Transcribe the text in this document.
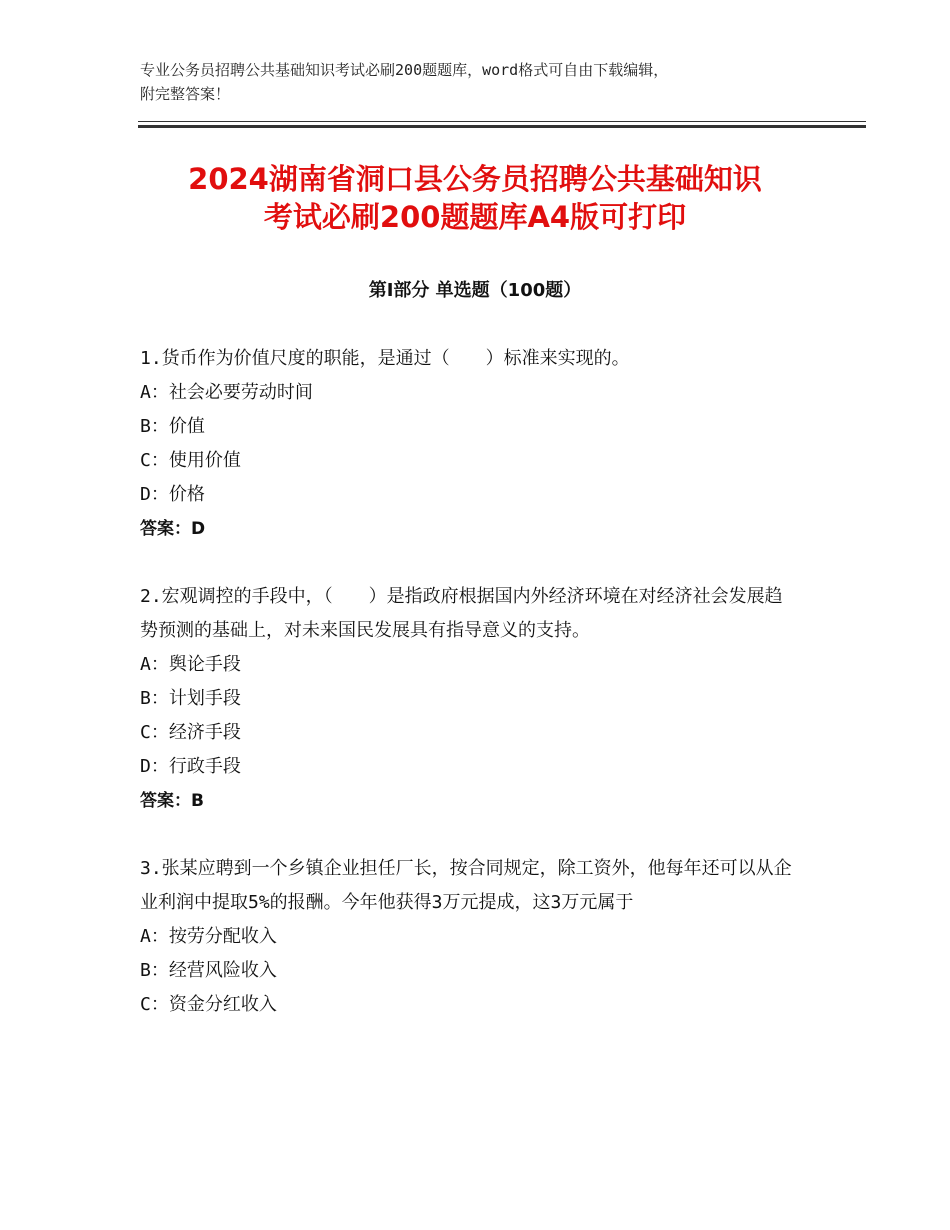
专业公务员招聘公共基础知识考试必刷200题题库，word格式可自由下载编辑，
附完整答案！
2024湖南省洞口县公务员招聘公共基础知识
考试必刷200题题库A4版可打印
第Ⅰ部分 单选题（100题）

1.货币作为价值尺度的职能，是通过（　　）标准来实现的。

A：社会必要劳动时间

B：价值

C：使用价值

D：价格

答案：D

2.宏观调控的手段中，（　　）是指政府根据国内外经济环境在对经济社会发展趋势预测的基础上，对未来国民发展具有指导意义的支持。

A：舆论手段

B：计划手段

C：经济手段

D：行政手段

答案：B

3.张某应聘到一个乡镇企业担任厂长，按合同规定，除工资外，他每年还可以从企业利润中提取5%的报酬。今年他获得3万元提成，这3万元属于

A：按劳分配收入

B：经营风险收入

C：资金分红收入
